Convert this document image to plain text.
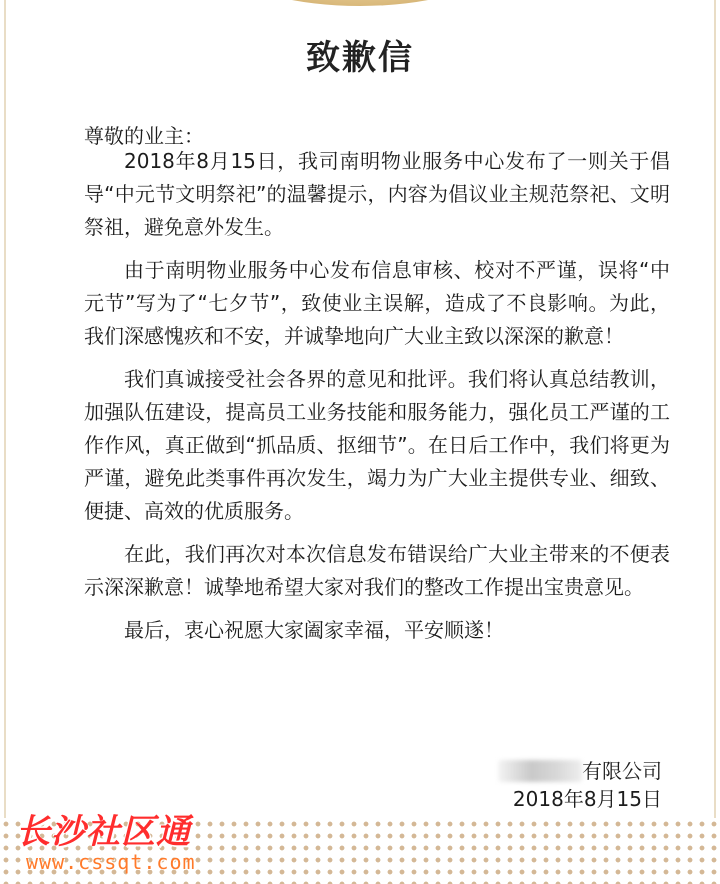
致歉信
尊敬的业主：

2018年8月15日，我司南明物业服务中心发布了一则关于倡导“中元节文明祭祀”的温馨提示，内容为倡议业主规范祭祀、文明祭祖，避免意外发生。

由于南明物业服务中心发布信息审核、校对不严谨，误将“中元节”写为了“七夕节”，致使业主误解，造成了不良影响。为此，我们深感愧疚和不安，并诚挚地向广大业主致以深深的歉意！

我们真诚接受社会各界的意见和批评。我们将认真总结教训，加强队伍建设，提高员工业务技能和服务能力，强化员工严谨的工作作风，真正做到“抓品质、抠细节”。在日后工作中，我们将更为严谨，避免此类事件再次发生，竭力为广大业主提供专业、细致、便捷、高效的优质服务。

在此，我们再次对本次信息发布错误给广大业主带来的不便表示深深歉意！诚挚地希望大家对我们的整改工作提出宝贵意见。

最后，衷心祝愿大家阖家幸福，平安顺遂！

有限公司
2018年8月15日
长沙社区通
www.cssqt.com
